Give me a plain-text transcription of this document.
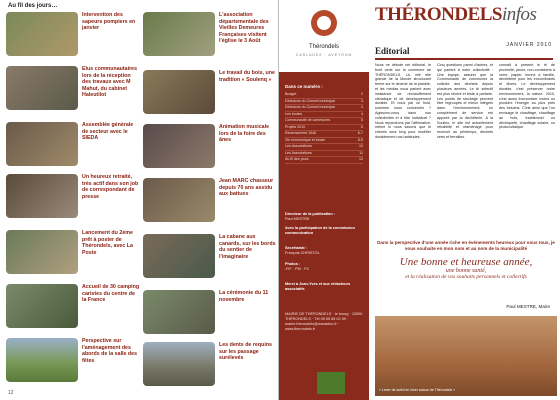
Au fil des jours…
Intervention des sapeurs pompiers en janvier
Elus communautaires lors de la réception des travaux avec M Mahut, du cabinet Haleutilot
Assemblée générale de secteur avec le SIEDA
Un heureux retraité, très actif dans son job de correspondant de presse
Lancement du 2ème prêt à poster de Thérondels, avec La Poste
Accueil de 30 camping caristes du centre de la France
Perspective sur l'aménagement des abords de la salle des fêtes
L'association départementale des Vieilles Demeures Françaises visitent l'église le 3 Août
Le travail du bois, une tradition « Soulenq »
Animation musicale lors de la foire des ânes
Jean MARC chasseur depuis 70 ans assidu aux battues
La cabane aux canards, sur les bords du sentier de l'imaginaire
La cérémonie du 11 novembre
Les dents de requins sur les passage surélevés
12
Thérondels
CARLADEZ · AVEYRON
Dans ce numéro :
Budget	2
Décisions du Conseil municipal	3
Décisions du Conseil municipal	4
Les écoles	4
Communauté de communes	5
Projets 2010	6
Recensement 1946	6-7
Vie économique et locale	8-9
Les Associations	10
Les Associations	11
Au fil des jours	12
Directeur de la publication :
Paul MESTRE
Avec la participation de la commission communication
Secrétariat :
François CHRISTOL
Photos :
JYF · PM · FC
Merci à Jean-Yves et aux rédacteurs associatifs
MAIRIE DE THÉRONDELS · le bourg · 12600 THÉRONDELS · Tél 05 65 66 02 59 · mairie.therondels@wanadoo.fr · www.therondels.fr
THÉRONDELSinfos
JANVIER 2010
Editorial
Nous ne débute cet éditorial, le froid cède sur la commune de THÉRONDELS. Là, elle elle grande de la Monde structurant terme sur le devenir de la planète, et les médias nous parlent avec insistance de réchauffement climatique et de développement durable. Et nous par ce froid, sommes nous concernés ? Agissons-nous dans nos collectivités et à titre individuel ? Nous répondrons par l'affirmative, même si nous savons que le chemin sera long pour modifier durablement nos habitudes.
Cinq questions parmi d'autres, et qui parlent à notre collectivité : Une équipe, assurer que la Communauté de communes la collecte des déchets depuis plusieurs années. Le tri sélectif est plus récent et teste à parfaire. Les points de stockage peuvent être regroupés et mieux intégrés dans l'environnement, un complément de service est apporté par la déchèterie. A la Soulino, le site est actuellement réhabilité et réaménagé pour recevoir au printemps, déchets verts et ferrailles.
connaît à présent le tri de proximité, jaune, non-containers à verre, papier, bonne à famille, déchèterie pour les encombrants et divers. Le développement durable, c'est préserver notre environnement, la nature. 2010, c'est aussi économiser moins ou produire l'énergie au plus près des besoins. C'est ainsi que l'on envisage le chauffage, chauffage au bois, traditionnel ou déchiqueté, chauffage solaire, ou photovoltaïque.
Dans la perspective d'une année riche en événements heureux pour vous tous, je vous souhaite en mon nom et au nom de la municipalité
Une bonne et heureuse année,
une bonne santé,
et la réalisation de vos souhaits personnels et collectifs
Paul MESTRE, Maire
« Lever de soleil en hiver autour de Thérondels »
